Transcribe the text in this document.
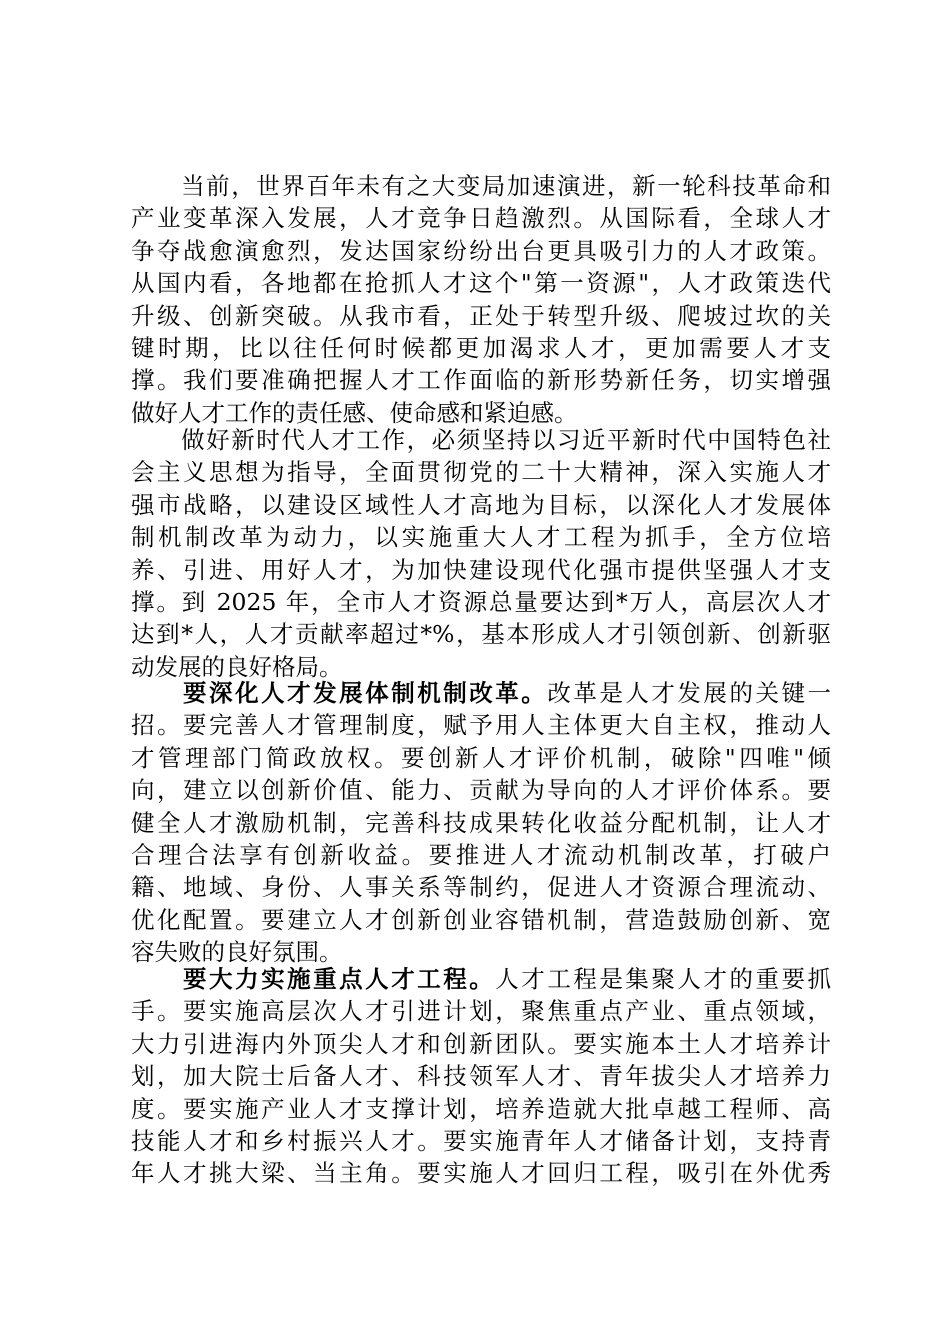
　　当前，世界百年未有之大变局加速演进，新一轮科技革命和
产业变革深入发展，人才竞争日趋激烈。从国际看，全球人才
争夺战愈演愈烈，发达国家纷纷出台更具吸引力的人才政策。
从国内看，各地都在抢抓人才这个"第一资源"，人才政策迭代
升级、创新突破。从我市看，正处于转型升级、爬坡过坎的关
键时期，比以往任何时候都更加渴求人才，更加需要人才支
撑。我们要准确把握人才工作面临的新形势新任务，切实增强
做好人才工作的责任感、使命感和紧迫感。
　　做好新时代人才工作，必须坚持以习近平新时代中国特色社
会主义思想为指导，全面贯彻党的二十大精神，深入实施人才
强市战略，以建设区域性人才高地为目标，以深化人才发展体
制机制改革为动力，以实施重大人才工程为抓手，全方位培
养、引进、用好人才，为加快建设现代化强市提供坚强人才支
撑。到 2025 年，全市人才资源总量要达到*万人，高层次人才
达到*人，人才贡献率超过*%，基本形成人才引领创新、创新驱
动发展的良好格局。
　　要深化人才发展体制机制改革。改革是人才发展的关键一
招。要完善人才管理制度，赋予用人主体更大自主权，推动人
才管理部门简政放权。要创新人才评价机制，破除"四唯"倾
向，建立以创新价值、能力、贡献为导向的人才评价体系。要
健全人才激励机制，完善科技成果转化收益分配机制，让人才
合理合法享有创新收益。要推进人才流动机制改革，打破户
籍、地域、身份、人事关系等制约，促进人才资源合理流动、
优化配置。要建立人才创新创业容错机制，营造鼓励创新、宽
容失败的良好氛围。
　　要大力实施重点人才工程。人才工程是集聚人才的重要抓
手。要实施高层次人才引进计划，聚焦重点产业、重点领域，
大力引进海内外顶尖人才和创新团队。要实施本土人才培养计
划，加大院士后备人才、科技领军人才、青年拔尖人才培养力
度。要实施产业人才支撑计划，培养造就大批卓越工程师、高
技能人才和乡村振兴人才。要实施青年人才储备计划，支持青
年人才挑大梁、当主角。要实施人才回归工程，吸引在外优秀
